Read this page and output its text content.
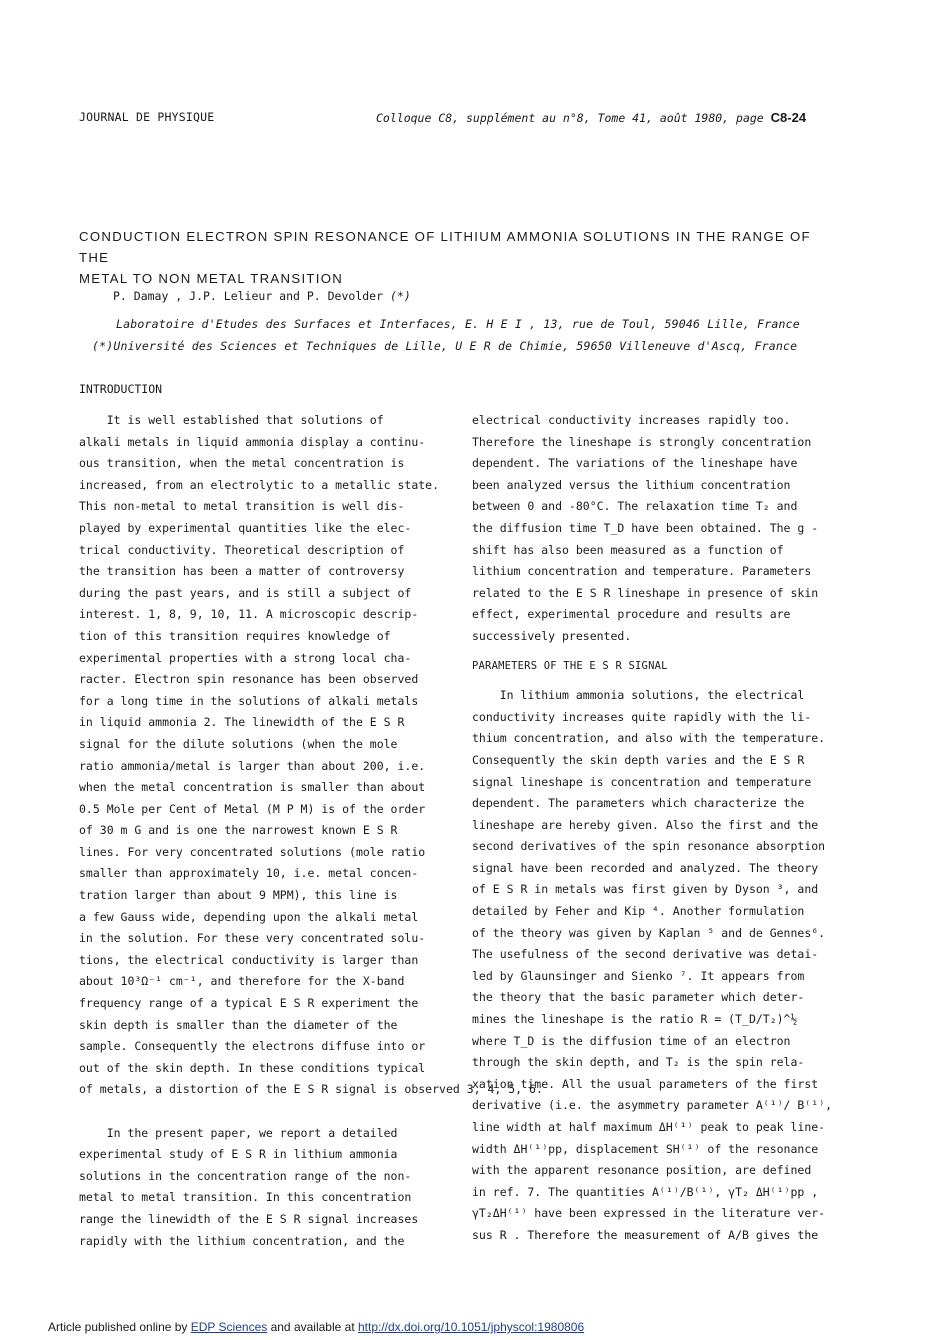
JOURNAL DE PHYSIQUE	Colloque C8, supplément au n°8, Tome 41, août 1980, page C8-24
CONDUCTION ELECTRON SPIN RESONANCE OF LITHIUM AMMONIA SOLUTIONS IN THE RANGE OF THE
METAL TO NON METAL TRANSITION
P. Damay , J.P. Lelieur and P. Devolder (*)
Laboratoire d'Etudes des Surfaces et Interfaces, E. H E I , 13, rue de Toul, 59046 Lille, France
(*)Université des Sciences et Techniques de Lille, U E R de Chimie, 59650 Villeneuve d'Ascq, France
INTRODUCTION
It is well established that solutions of
alkali metals in liquid ammonia display a continu-
ous transition, when the metal concentration is
increased, from an electrolytic to a metallic state.
This non-metal to metal transition is well dis-
played by experimental quantities like the elec-
trical conductivity. Theoretical description of
the transition has been a matter of controversy
during the past years, and is still a subject of
interest. 1, 8, 9, 10, 11. A microscopic descrip-
tion of this transition requires knowledge of
experimental properties with a strong local cha-
racter. Electron spin resonance has been observed
for a long time in the solutions of alkali metals
in liquid ammonia 2. The linewidth of the E S R
signal for the dilute solutions (when the mole
ratio ammonia/metal is larger than about 200, i.e.
when the metal concentration is smaller than about
0.5 Mole per Cent of Metal (M P M) is of the order
of 30 m G and is one the narrowest known E S R
lines. For very concentrated solutions (mole ratio
smaller than approximately 10, i.e. metal concen-
tration larger than about 9 MPM), this line is
a few Gauss wide, depending upon the alkali metal
in the solution. For these very concentrated solu-
tions, the electrical conductivity is larger than
about 10³Ω⁻¹ cm⁻¹, and therefore for the X-band
frequency range of a typical E S R experiment the
skin depth is smaller than the diameter of the
sample. Consequently the electrons diffuse into or
out of the skin depth. In these conditions typical
of metals, a distortion of the E S R signal is observed 3, 4, 5, 6.
In the present paper, we report a detailed
experimental study of E S R in lithium ammonia
solutions in the concentration range of the non-
metal to metal transition. In this concentration
range the linewidth of the E S R signal increases
rapidly with the lithium concentration, and the
electrical conductivity increases rapidly too.
Therefore the lineshape is strongly concentration
dependent. The variations of the lineshape have
been analyzed versus the lithium concentration
between 0 and -80°C. The relaxation time T₂ and
the diffusion time T_D have been obtained. The g -
shift has also been measured as a function of
lithium concentration and temperature. Parameters
related to the E S R lineshape in presence of skin
effect, experimental procedure and results are
successively presented.
PARAMETERS OF THE E S R SIGNAL
In lithium ammonia solutions, the electrical
conductivity increases quite rapidly with the li-
thium concentration, and also with the temperature.
Consequently the skin depth varies and the E S R
signal lineshape is concentration and temperature
dependent. The parameters which characterize the
lineshape are hereby given. Also the first and the
second derivatives of the spin resonance absorption
signal have been recorded and analyzed. The theory
of E S R in metals was first given by Dyson ³, and
detailed by Feher and Kip ⁴. Another formulation
of the theory was given by Kaplan ⁵ and de Gennes⁶.
The usefulness of the second derivative was detai-
led by Glaunsinger and Sienko ⁷. It appears from
the theory that the basic parameter which deter-
mines the lineshape is the ratio R = (T_D/T₂)^½
where T_D is the diffusion time of an electron
through the skin depth, and T₂ is the spin rela-
xation time. All the usual parameters of the first
derivative (i.e. the asymmetry parameter A⁽¹⁾/ B⁽¹⁾,
line width at half maximum ΔH⁽¹⁾ peak to peak line-
width ΔH⁽¹⁾pp, displacement SH⁽¹⁾ of the resonance
with the apparent resonance position, are defined
in ref. 7. The quantities A⁽¹⁾/B⁽¹⁾, γT₂ ΔH⁽¹⁾pp ,
γT₂ΔH⁽¹⁾ have been expressed in the literature ver-
sus R . Therefore the measurement of A/B gives the
Article published online by EDP Sciences and available at http://dx.doi.org/10.1051/jphyscol:1980806
